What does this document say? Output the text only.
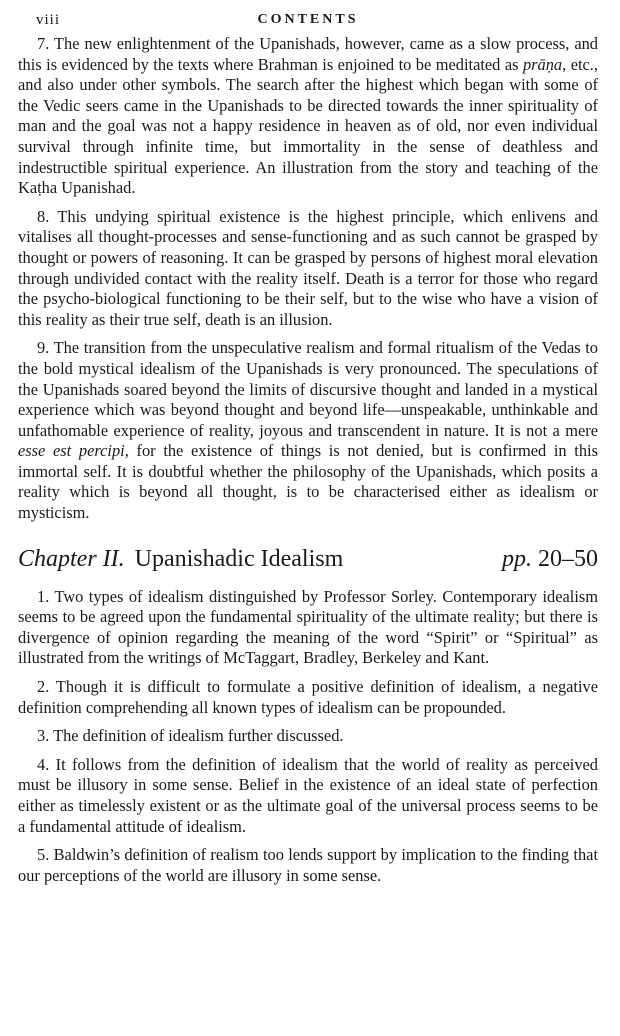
viii	CONTENTS

7. The new enlightenment of the Upanishads, however, came as a slow process, and this is evidenced by the texts where Brahman is enjoined to be meditated as prāṇa, etc., and also under other symbols. The search after the highest which began with some of the Vedic seers came in the Upanishads to be directed towards the inner spirituality of man and the goal was not a happy residence in heaven as of old, nor even individual survival through infinite time, but immortality in the sense of deathless and indestructible spiritual experience. An illustration from the story and teaching of the Kaṭha Upanishad.

8. This undying spiritual existence is the highest principle, which enlivens and vitalises all thought-processes and sense-functioning and as such cannot be grasped by thought or powers of reasoning. It can be grasped by persons of highest moral elevation through undivided contact with the reality itself. Death is a terror for those who regard the psycho-biological functioning to be their self, but to the wise who have a vision of this reality as their true self, death is an illusion.

9. The transition from the unspeculative realism and formal ritualism of the Vedas to the bold mystical idealism of the Upanishads is very pronounced. The speculations of the Upanishads soared beyond the limits of discursive thought and landed in a mystical experience which was beyond thought and beyond life—unspeakable, unthinkable and unfathomable experience of reality, joyous and transcendent in nature. It is not a mere esse est percipi, for the existence of things is not denied, but is confirmed in this immortal self. It is doubtful whether the philosophy of the Upanishads, which posits a reality which is beyond all thought, is to be characterised either as idealism or mysticism.

Chapter II. Upanishadic Idealism	pp. 20–50

1. Two types of idealism distinguished by Professor Sorley. Contemporary idealism seems to be agreed upon the fundamental spirituality of the ultimate reality; but there is divergence of opinion regarding the meaning of the word “Spirit” or “Spiritual” as illustrated from the writings of McTaggart, Bradley, Berkeley and Kant.

2. Though it is difficult to formulate a positive definition of idealism, a negative definition comprehending all known types of idealism can be propounded.

3. The definition of idealism further discussed.

4. It follows from the definition of idealism that the world of reality as perceived must be illusory in some sense. Belief in the existence of an ideal state of perfection either as timelessly existent or as the ultimate goal of the universal process seems to be a fundamental attitude of idealism.

5. Baldwin’s definition of realism too lends support by implication to the finding that our perceptions of the world are illusory in some sense.
